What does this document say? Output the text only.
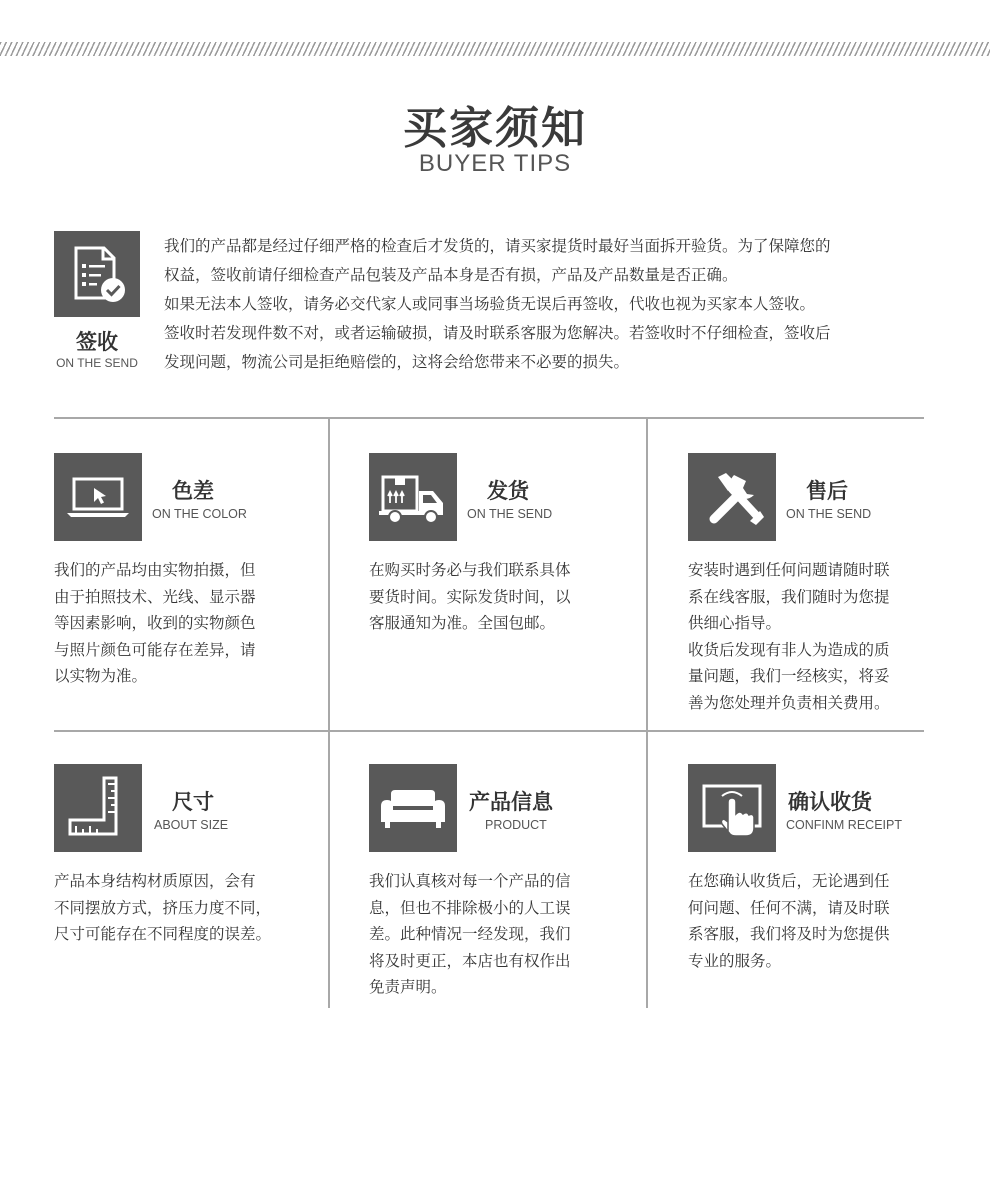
买家须知
BUYER TIPS
签收
ON THE SEND
我们的产品都是经过仔细严格的检查后才发货的，请买家提货时最好当面拆开验货。为了保障您的
权益，签收前请仔细检查产品包装及产品本身是否有损，产品及产品数量是否正确。
如果无法本人签收，请务必交代家人或同事当场验货无误后再签收，代收也视为买家本人签收。
签收时若发现件数不对，或者运输破损，请及时联系客服为您解决。若签收时不仔细检查，签收后
发现问题，物流公司是拒绝赔偿的，这将会给您带来不必要的损失。
色差
ON THE COLOR
我们的产品均由实物拍摄，但
由于拍照技术、光线、显示器
等因素影响，收到的实物颜色
与照片颜色可能存在差异，请
以实物为准。
发货
ON THE SEND
在购买时务必与我们联系具体
要货时间。实际发货时间，以
客服通知为准。全国包邮。
售后
ON THE SEND
安装时遇到任何问题请随时联
系在线客服，我们随时为您提
供细心指导。
收货后发现有非人为造成的质
量问题，我们一经核实，将妥
善为您处理并负责相关费用。
尺寸
ABOUT SIZE
产品本身结构材质原因，会有
不同摆放方式，挤压力度不同，
尺寸可能存在不同程度的误差。
产品信息
PRODUCT
我们认真核对每一个产品的信
息，但也不排除极小的人工误
差。此种情况一经发现，我们
将及时更正，本店也有权作出
免责声明。
确认收货
CONFINM RECEIPT
在您确认收货后，无论遇到任
何问题、任何不满，请及时联
系客服，我们将及时为您提供
专业的服务。
